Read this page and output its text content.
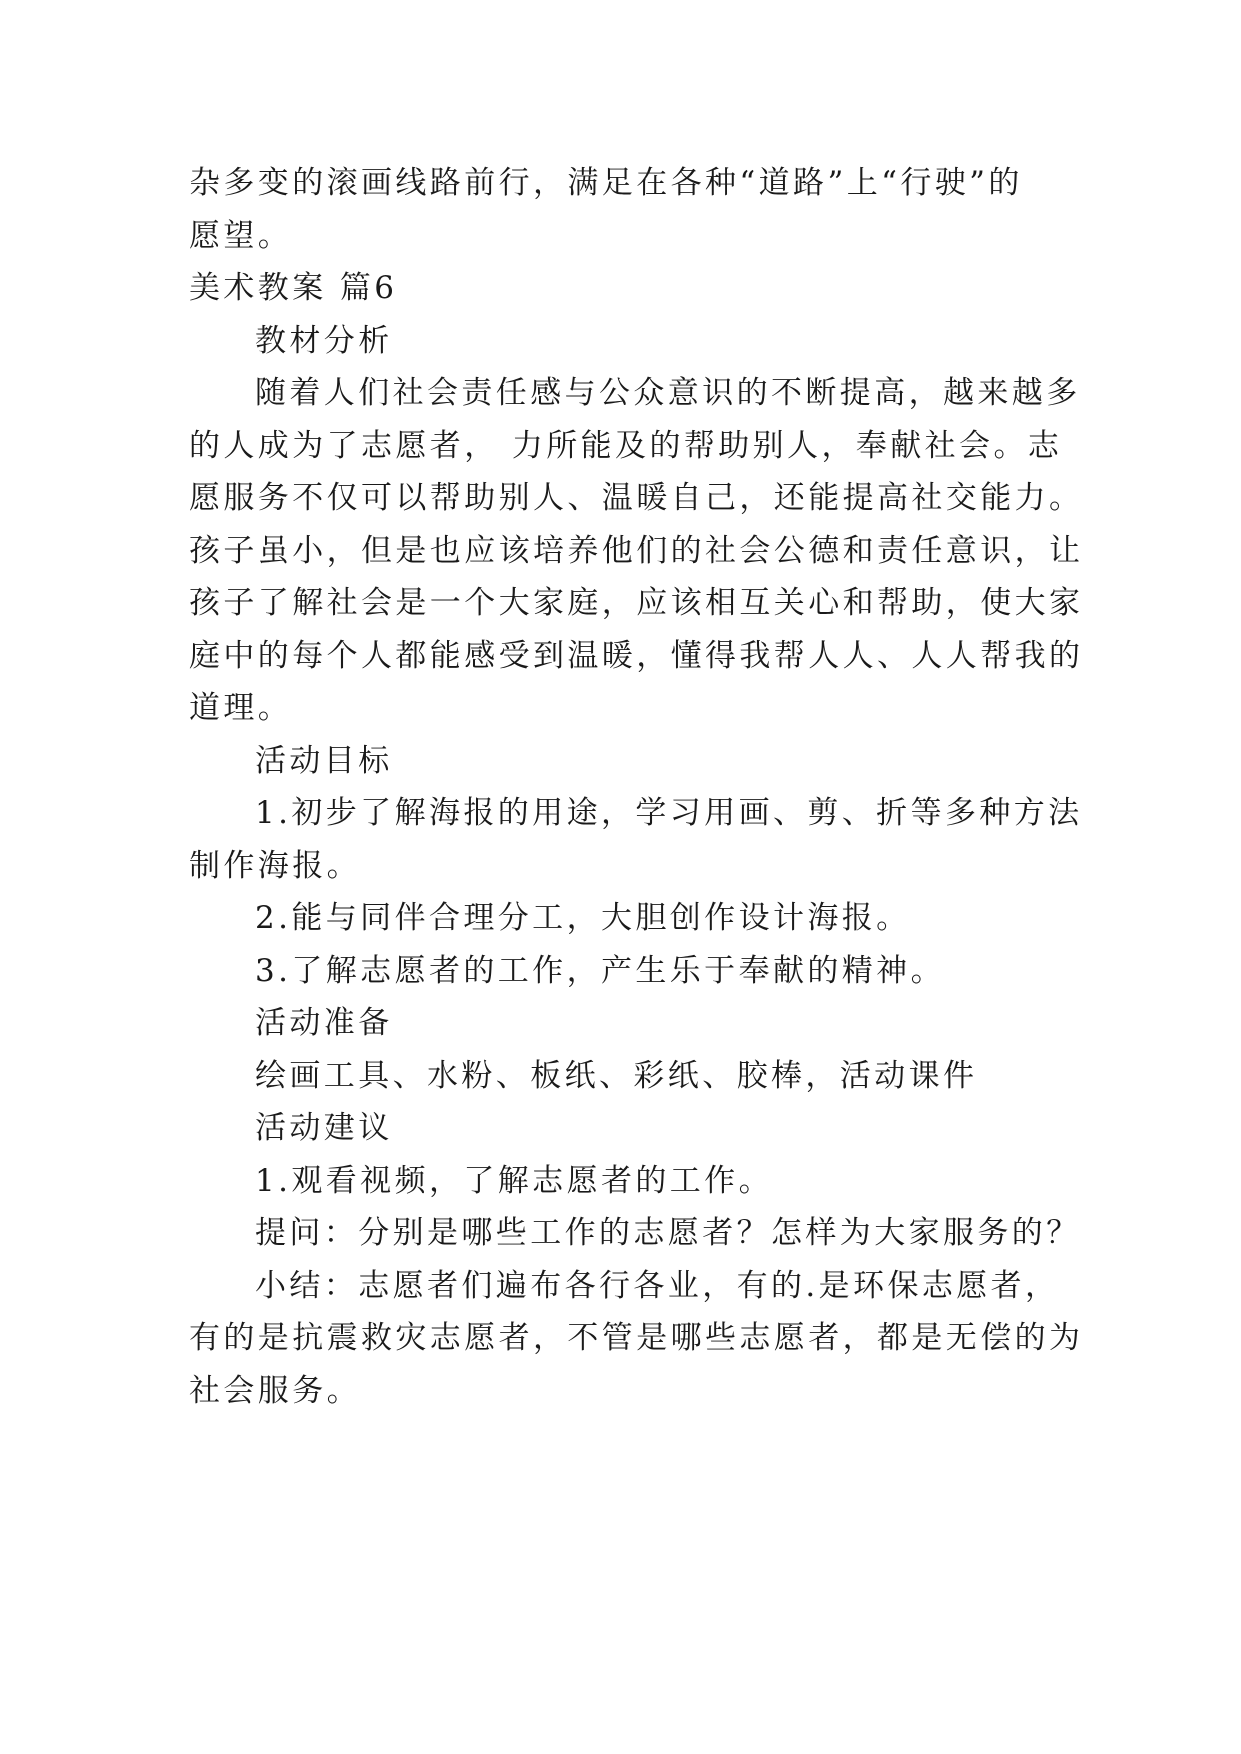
杂多变的滚画线路前行，满足在各种“道路”上“行驶”的
愿望。
美术教案 篇6
教材分析
随着人们社会责任感与公众意识的不断提高，越来越多
的人成为了志愿者， 力所能及的帮助别人，奉献社会。志
愿服务不仅可以帮助别人、温暖自己，还能提高社交能力。
孩子虽小，但是也应该培养他们的社会公德和责任意识，让
孩子了解社会是一个大家庭，应该相互关心和帮助，使大家
庭中的每个人都能感受到温暖，懂得我帮人人、人人帮我的
道理。
活动目标
1.初步了解海报的用途，学习用画、剪、折等多种方法
制作海报。
2.能与同伴合理分工，大胆创作设计海报。
3.了解志愿者的工作，产生乐于奉献的精神。
活动准备
绘画工具、水粉、板纸、彩纸、胶棒，活动课件
活动建议
1.观看视频，了解志愿者的工作。
提问：分别是哪些工作的志愿者？怎样为大家服务的？
小结：志愿者们遍布各行各业，有的.是环保志愿者，
有的是抗震救灾志愿者，不管是哪些志愿者，都是无偿的为
社会服务。
